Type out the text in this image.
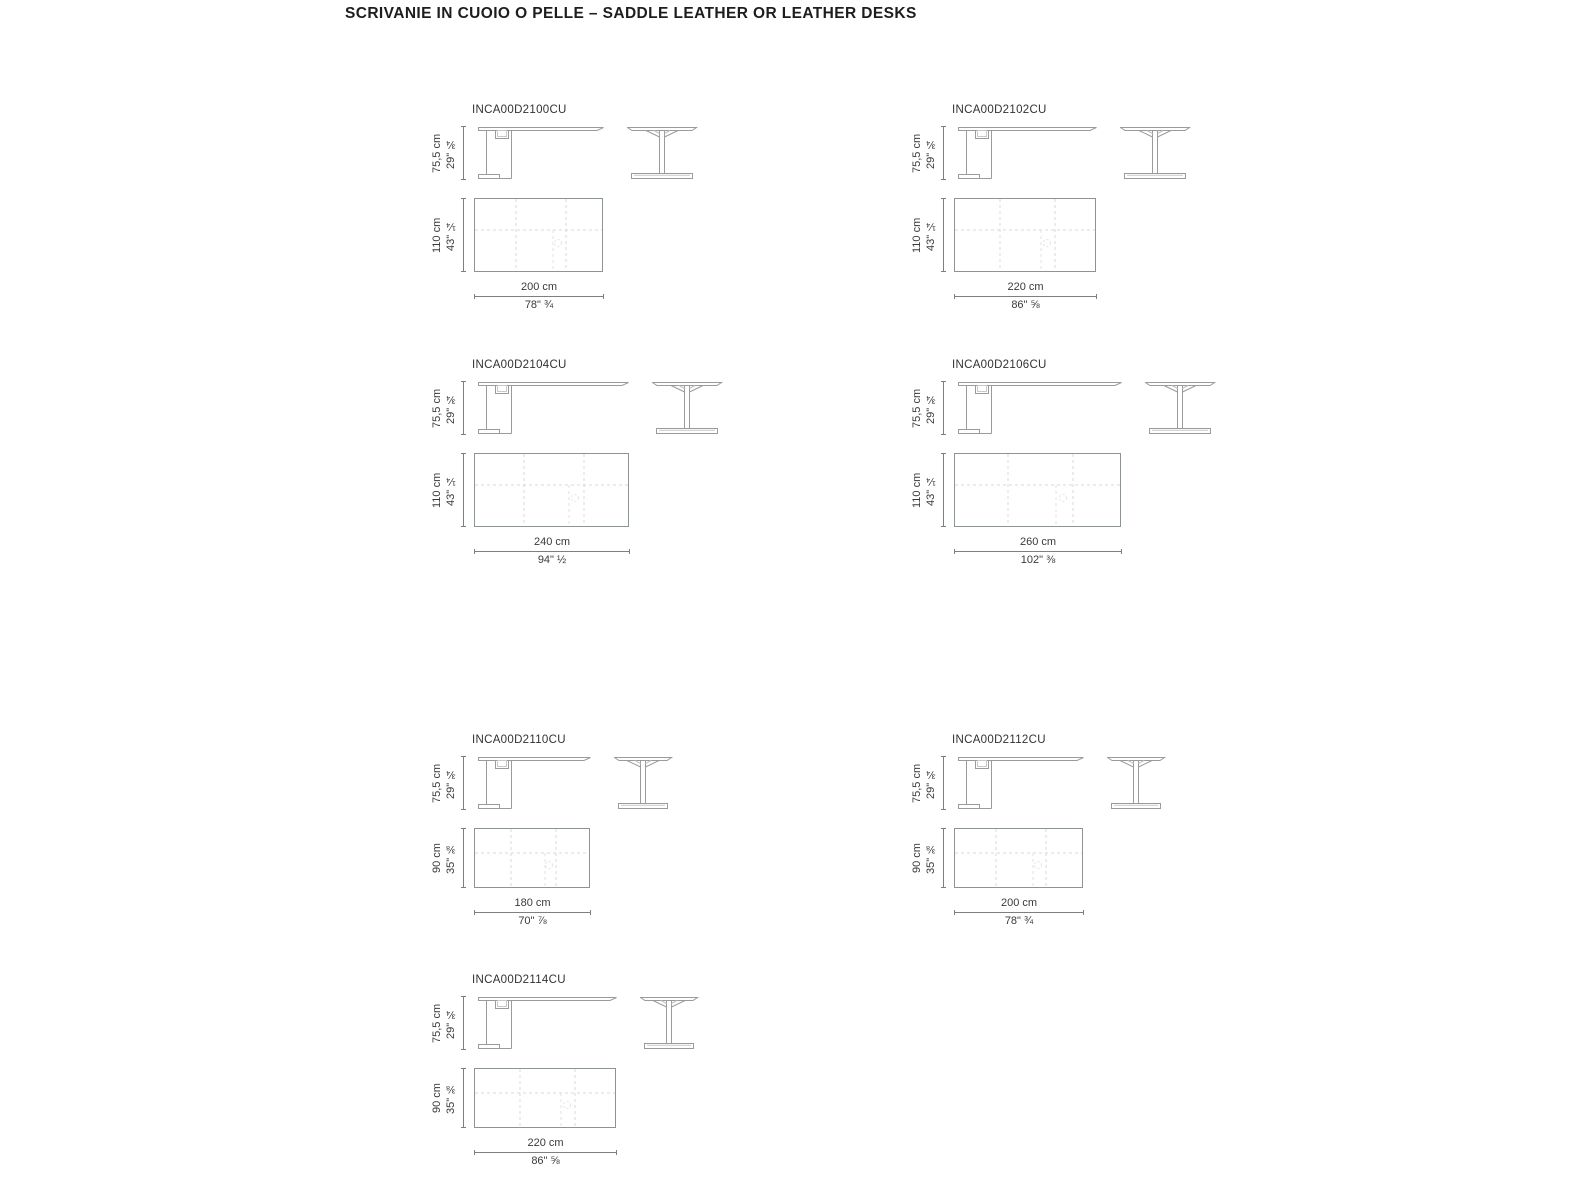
SCRIVANIE IN CUOIO O PELLE – SADDLE LEATHER OR LEATHER DESKS
INCA00D2100CU
75,5 cm 29" ¾
110 cm 43" ¼
200 cm
78" ¾
INCA00D2102CU
75,5 cm 29" ¾
110 cm 43" ¼
220 cm
86" ⅝
INCA00D2104CU
75,5 cm 29" ¾
110 cm 43" ¼
240 cm
94" ½
INCA00D2106CU
75,5 cm 29" ¾
110 cm 43" ¼
260 cm
102" ⅜
INCA00D2110CU
75,5 cm 29" ¾
90 cm 35" ⅜
180 cm
70" ⅞
INCA00D2112CU
75,5 cm 29" ¾
90 cm 35" ⅜
200 cm
78" ¾
INCA00D2114CU
75,5 cm 29" ¾
90 cm 35" ⅜
220 cm
86" ⅝
